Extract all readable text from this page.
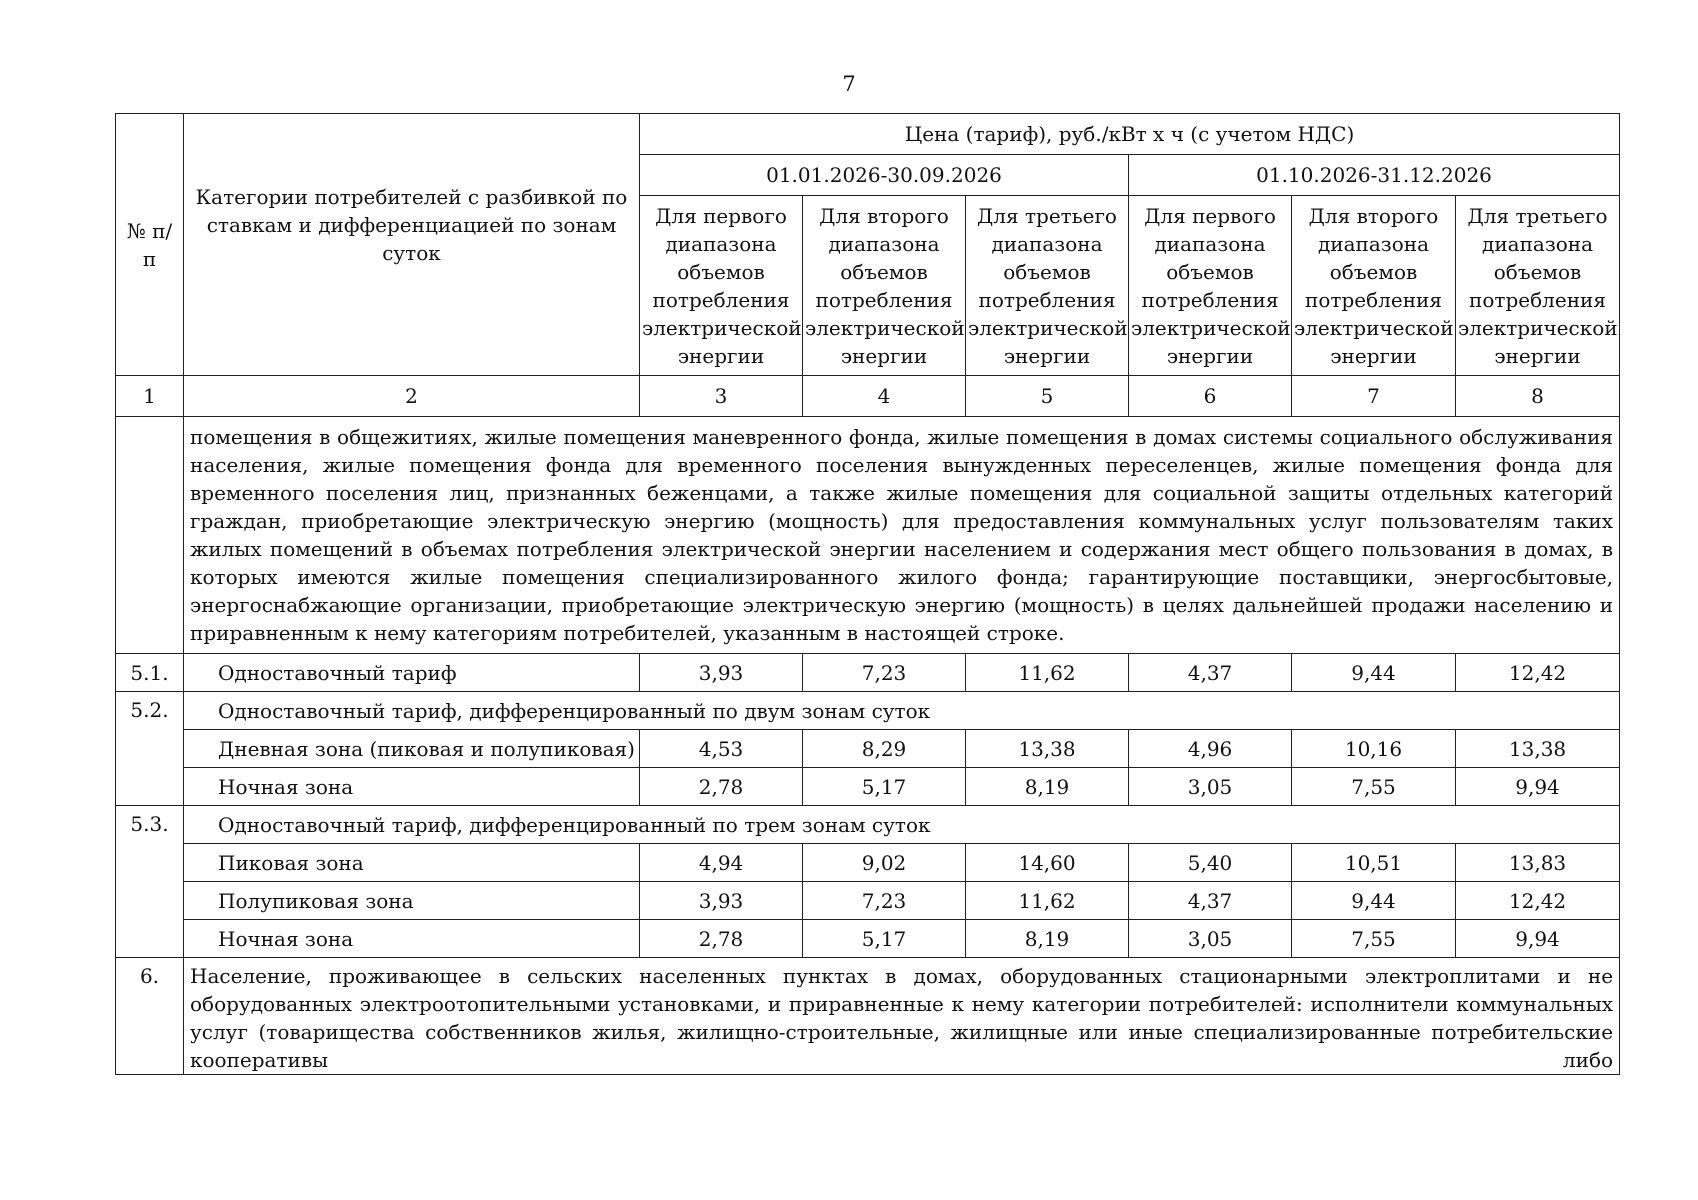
7
№ п/п	Категории потребителей с разбивкой по ставкам и дифференциацией по зонам суток	Цена (тариф), руб./кВт х ч (с учетом НДС)					
		01.01.2026-30.09.2026			01.10.2026-31.12.2026		
		Для первого диапазона объемов потребления электрической энергии	Для второго диапазона объемов потребления электрической энергии	Для третьего диапазона объемов потребления электрической энергии	Для первого диапазона объемов потребления электрической энергии	Для второго диапазона объемов потребления электрической энергии	Для третьего диапазона объемов потребления электрической энергии
1	2	3	4	5	6	7	8
	помещения в общежитиях, жилые помещения маневренного фонда, жилые помещения в домах системы социального обслуживания населения, жилые помещения фонда для временного поселения вынужденных переселенцев, жилые помещения фонда для временного поселения лиц, признанных беженцами, а также жилые помещения для социальной защиты отдельных категорий граждан, приобретающие электрическую энергию (мощность) для предоставления коммунальных услуг пользователям таких жилых помещений в объемах потребления электрической энергии населением и содержания мест общего пользования в домах, в которых имеются жилые помещения специализированного жилого фонда; гарантирующие поставщики, энергосбытовые, энергоснабжающие организации, приобретающие электрическую энергию (мощность) в целях дальнейшей продажи населению и приравненным к нему категориям потребителей, указанным в настоящей строке.						
5.1.	Одноставочный тариф	3,93	7,23	11,62	4,37	9,44	12,42
5.2.	Одноставочный тариф, дифференцированный по двум зонам суток						
	Дневная зона (пиковая и полупиковая)	4,53	8,29	13,38	4,96	10,16	13,38
	Ночная зона	2,78	5,17	8,19	3,05	7,55	9,94
5.3.	Одноставочный тариф, дифференцированный по трем зонам суток						
	Пиковая зона	4,94	9,02	14,60	5,40	10,51	13,83
	Полупиковая зона	3,93	7,23	11,62	4,37	9,44	12,42
	Ночная зона	2,78	5,17	8,19	3,05	7,55	9,94
6.	Население, проживающее в сельских населенных пунктах в домах, оборудованных стационарными электроплитами и не оборудованных электроотопительными установками, и приравненные к нему категории потребителей: исполнители коммунальных услуг (товарищества собственников жилья, жилищно-строительные, жилищные или иные специализированные потребительские кооперативы либо						
